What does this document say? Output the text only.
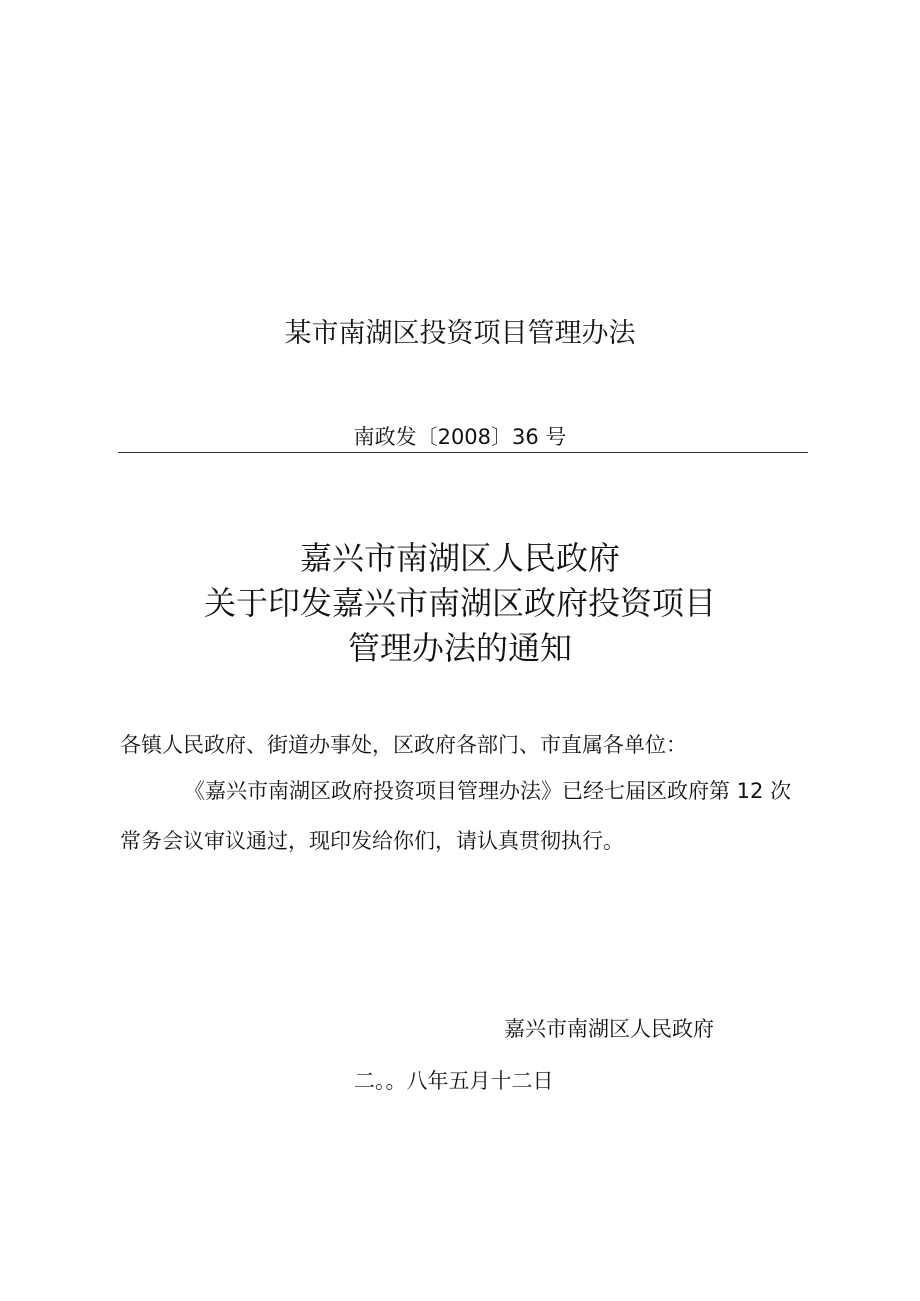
某市南湖区投资项目管理办法
南政发〔2008〕36 号
嘉兴市南湖区人民政府
关于印发嘉兴市南湖区政府投资项目
管理办法的通知
各镇人民政府、街道办事处，区政府各部门、市直属各单位：
《嘉兴市南湖区政府投资项目管理办法》已经七届区政府第 12 次
常务会议审议通过，现印发给你们，请认真贯彻执行。
嘉兴市南湖区人民政府
二。。八年五月十二日
